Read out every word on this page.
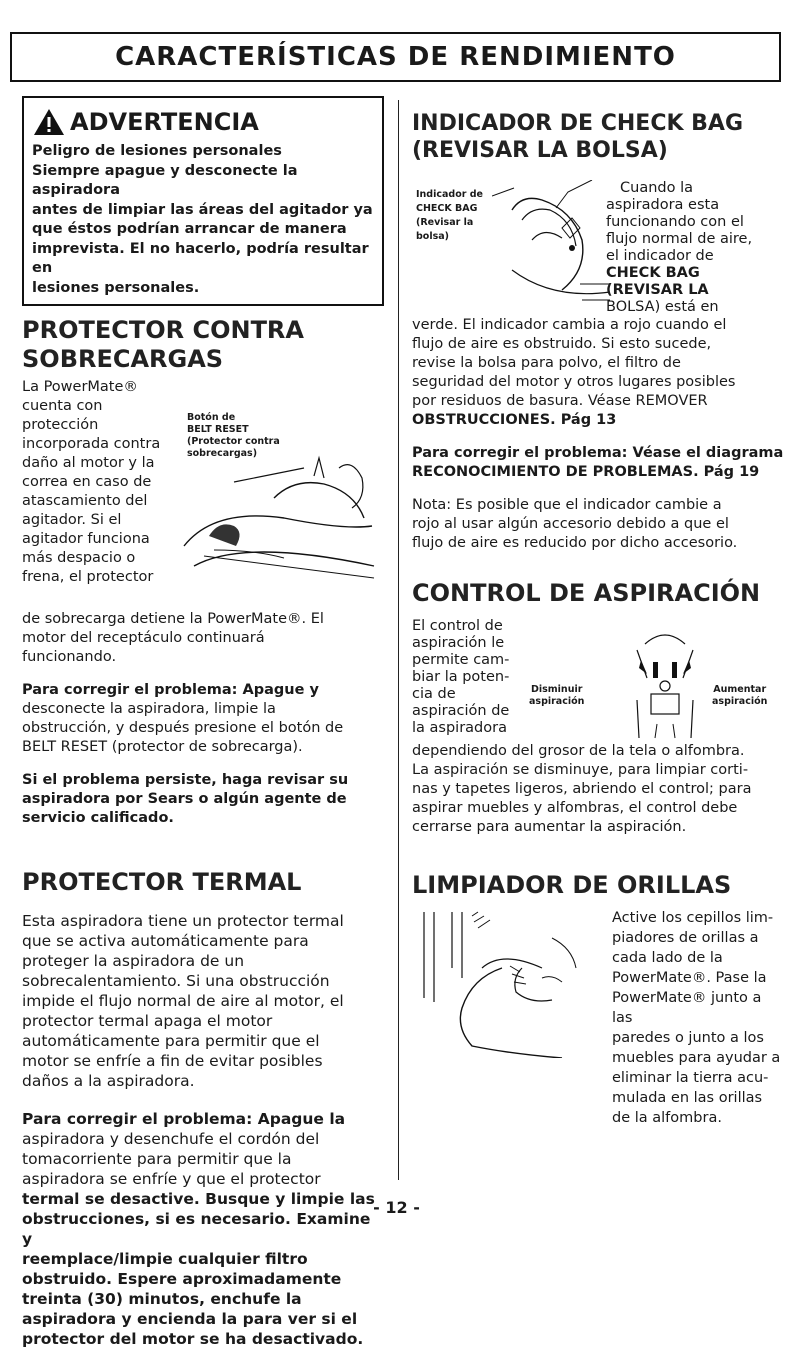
CARACTERÍSTICAS DE RENDIMIENTO
ADVERTENCIA
Peligro de lesiones personales
Siempre apague y desconecte la aspiradora
antes de limpiar las áreas del agitador ya
que éstos podrían arrancar de manera
imprevista. El no hacerlo, podría resultar en
lesiones personales.
PROTECTOR CONTRA
SOBRECARGAS
La PowerMate®
cuenta con
protección
incorporada contra
daño al motor y la
correa en caso de
atascamiento del
agitador. Si el
agitador funciona
más despacio o
frena, el protector
Botón de
BELT RESET
(Protector contra
sobrecargas)
de sobrecarga detiene la PowerMate®. El
motor del receptáculo continuará
funcionando.
Para corregir el problema: Apague y
desconecte la aspiradora, limpie la
obstrucción, y después presione el botón de
BELT RESET (protector de sobrecarga).
Si el problema persiste, haga revisar su
aspiradora por Sears o algún agente de
servicio calificado.
PROTECTOR TERMAL
Esta aspiradora tiene un protector termal
que se activa automáticamente para
proteger la aspiradora de un
sobrecalentamiento. Si una obstrucción
impide el flujo normal de aire al motor, el
protector termal apaga el motor
automáticamente para permitir que el
motor se enfríe a fin de evitar posibles
daños a la aspiradora.
Para corregir el problema: Apague la
aspiradora y desenchufe el cordón del
tomacorriente para permitir que la
aspiradora se enfríe y que el protector
termal se desactive. Busque y limpie las
obstrucciones, si es necesario. Examine y
reemplace/limpie cualquier filtro
obstruido. Espere aproximadamente
treinta (30) minutos, enchufe la
aspiradora y encienda la para ver si el
protector del motor se ha desactivado.
INDICADOR DE CHECK BAG
(REVISAR LA BOLSA)
Indicador de
CHECK BAG
(Revisar la
bolsa)
Cuando la
aspiradora esta
funcionando con el
flujo normal de aire,
el indicador de
CHECK BAG
(REVISAR LA
BOLSA) está en
verde. El indicador cambia a rojo cuando el
flujo de aire es obstruido. Si esto sucede,
revise la bolsa para polvo, el filtro de
seguridad del motor y otros lugares posibles
por residuos de basura. Véase REMOVER
OBSTRUCCIONES. Pág 13
Para corregir el problema: Véase el diagrama
RECONOCIMIENTO DE PROBLEMAS. Pág 19
Nota: Es posible que el indicador cambie a
rojo al usar algún accesorio debido a que el
flujo de aire es reducido por dicho accesorio.
CONTROL DE ASPIRACIÓN
El control de
aspiración le
permite cam-
biar la poten-
cia de
aspiración de
la aspiradora
Disminuir
aspiración
Aumentar
aspiración
dependiendo del grosor de la tela o alfombra.
La aspiración se disminuye, para limpiar corti-
nas y tapetes ligeros, abriendo el control; para
aspirar muebles y alfombras, el control debe
cerrarse para aumentar la aspiración.
LIMPIADOR DE ORILLAS
Active los cepillos lim-
piadores de orillas a
cada lado de la
PowerMate®. Pase la
PowerMate® junto a las
paredes o junto a los
muebles para ayudar a
eliminar la tierra acu-
mulada en las orillas
de la alfombra.
- 12 -
